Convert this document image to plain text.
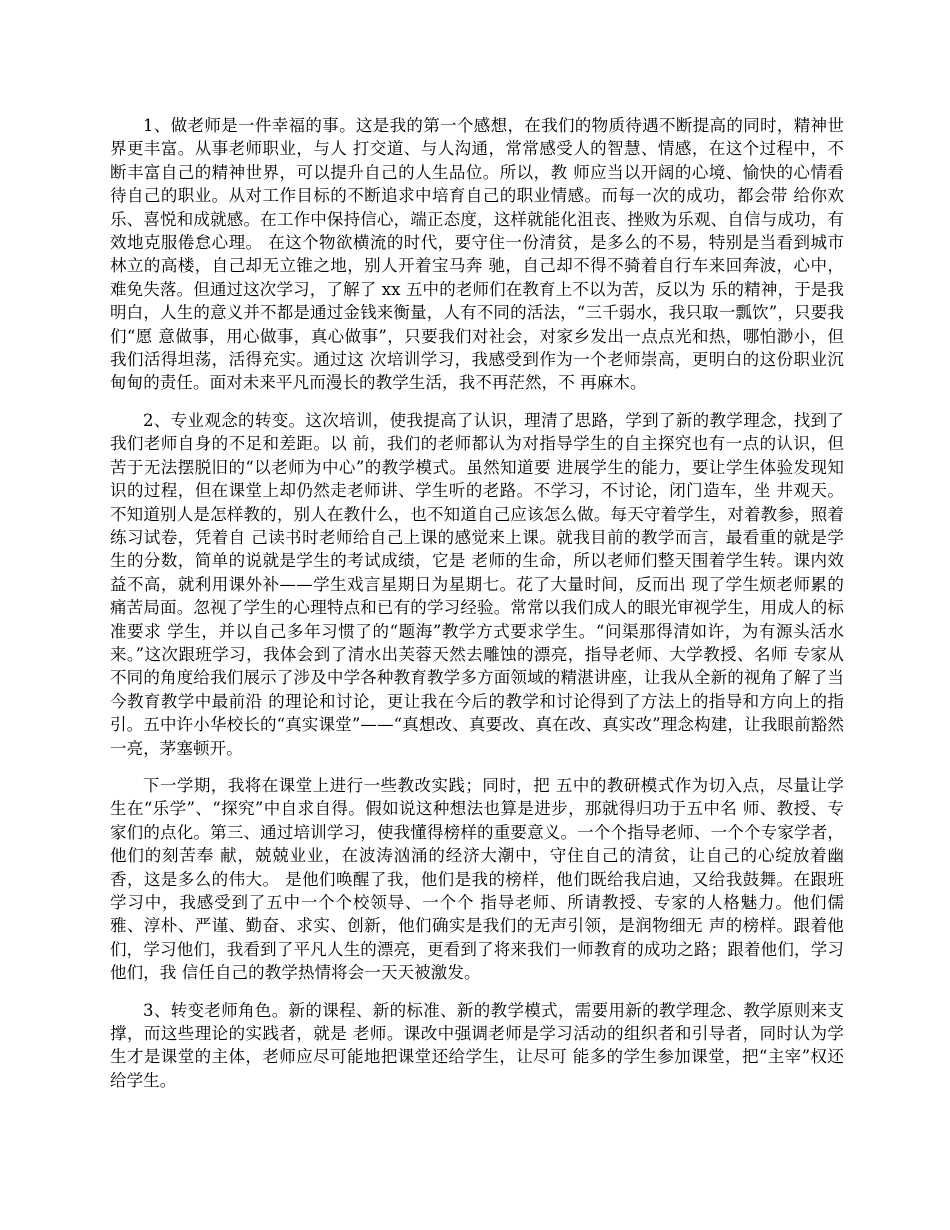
1、做老师是一件幸福的事。这是我的第一个感想，在我们的物质待遇不断提高的同时，精神世界更丰富。从事老师职业，与人 打交道、与人沟通，常常感受人的智慧、情感，在这个过程中，不断丰富自己的精神世界，可以提升自己的人生品位。所以，教 师应当以开阔的心境、愉快的心情看待自己的职业。从对工作目标的不断追求中培育自己的职业情感。而每一次的成功，都会带 给你欢乐、喜悦和成就感。在工作中保持信心，端正态度，这样就能化沮丧、挫败为乐观、自信与成功，有效地克服倦怠心理。 在这个物欲横流的时代，要守住一份清贫，是多么的不易，特别是当看到城市林立的高楼，自己却无立锥之地，别人开着宝马奔 驰，自己却不得不骑着自行车来回奔波，心中，难免失落。但通过这次学习，了解了 xx 五中的老师们在教育上不以为苦，反以为 乐的精神，于是我明白，人生的意义并不都是通过金钱来衡量，人有不同的活法，“三千弱水，我只取一瓢饮”，只要我们“愿 意做事，用心做事，真心做事”，只要我们对社会，对家乡发出一点点光和热，哪怕渺小，但我们活得坦荡，活得充实。通过这 次培训学习，我感受到作为一个老师崇高，更明白的这份职业沉甸甸的责任。面对未来平凡而漫长的教学生活，我不再茫然，不 再麻木。

2、专业观念的转变。这次培训，使我提高了认识，理清了思路，学到了新的教学理念，找到了我们老师自身的不足和差距。以 前，我们的老师都认为对指导学生的自主探究也有一点的认识，但苦于无法摆脱旧的“以老师为中心”的教学模式。虽然知道要 进展学生的能力，要让学生体验发现知识的过程，但在课堂上却仍然走老师讲、学生听的老路。不学习，不讨论，闭门造车，坐 井观天。不知道别人是怎样教的，别人在教什么，也不知道自己应该怎么做。每天守着学生，对着教参，照着练习试卷，凭着自 己读书时老师给自己上课的感觉来上课。就我目前的教学而言，最看重的就是学生的分数，简单的说就是学生的考试成绩，它是 老师的生命，所以老师们整天围着学生转。课内效益不高，就利用课外补——学生戏言星期日为星期七。花了大量时间，反而出 现了学生烦老师累的痛苦局面。忽视了学生的心理特点和已有的学习经验。常常以我们成人的眼光审视学生，用成人的标准要求 学生，并以自己多年习惯了的“题海”教学方式要求学生。“问渠那得清如许，为有源头活水来。”这次跟班学习，我体会到了清水出芙蓉天然去雕蚀的漂亮，指导老师、大学教授、名师 专家从不同的角度给我们展示了涉及中学各种教育教学多方面领域的精湛讲座，让我从全新的视角了解了当今教育教学中最前沿 的理论和讨论，更让我在今后的教学和讨论得到了方法上的指导和方向上的指引。五中许小华校长的“真实课堂”——“真想改、真要改、真在改、真实改”理念构建，让我眼前豁然一亮，茅塞顿开。

下一学期，我将在课堂上进行一些教改实践；同时，把 五中的教研模式作为切入点，尽量让学生在“乐学”、“探究”中自求自得。假如说这种想法也算是进步，那就得归功于五中名 师、教授、专家们的点化。第三、通过培训学习，使我懂得榜样的重要意义。一个个指导老师、一个个专家学者，他们的刻苦奉 献，兢兢业业，在波涛汹涌的经济大潮中，守住自己的清贫，让自己的心绽放着幽香，这是多么的伟大。 是他们唤醒了我，他们是我的榜样，他们既给我启迪，又给我鼓舞。在跟班学习中，我感受到了五中一个个校领导、一个个 指导老师、所请教授、专家的人格魅力。他们儒雅、淳朴、严谨、勤奋、求实、创新，他们确实是我们的无声引领，是润物细无 声的榜样。跟着他们，学习他们，我看到了平凡人生的漂亮，更看到了将来我们一师教育的成功之路；跟着他们，学习他们，我 信任自己的教学热情将会一天天被激发。

3、转变老师角色。新的课程、新的标准、新的教学模式，需要用新的教学理念、教学原则来支撑，而这些理论的实践者，就是 老师。课改中强调老师是学习活动的组织者和引导者，同时认为学生才是课堂的主体，老师应尽可能地把课堂还给学生，让尽可 能多的学生参加课堂，把“主宰”权还给学生。
